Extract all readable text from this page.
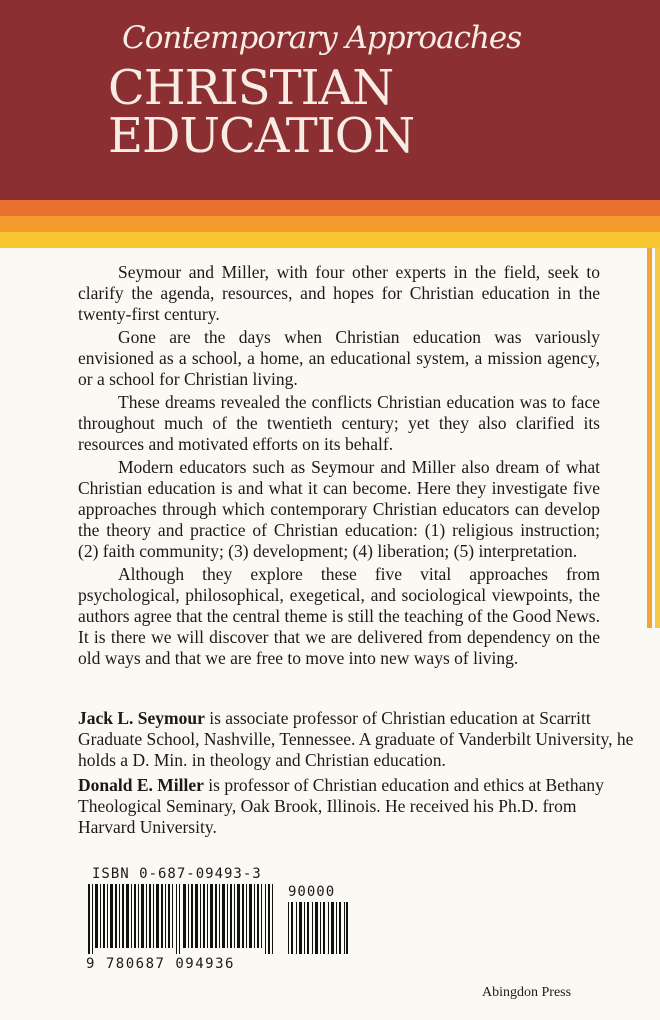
Contemporary Approaches
CHRISTIAN
EDUCATION

Seymour and Miller, with four other experts in the field, seek to clarify the agenda, resources, and hopes for Christian education in the twenty-first century.

Gone are the days when Christian education was variously envisioned as a school, a home, an educational system, a mission agency, or a school for Christian living.

These dreams revealed the conflicts Christian education was to face throughout much of the twentieth century; yet they also clarified its resources and motivated efforts on its behalf.

Modern educators such as Seymour and Miller also dream of what Christian education is and what it can become. Here they investigate five approaches through which contemporary Christian educators can develop the theory and practice of Christian education: (1) religious instruction; (2) faith community; (3) development; (4) liberation; (5) interpretation.

Although they explore these five vital approaches from psychological, philosophical, exegetical, and sociological viewpoints, the authors agree that the central theme is still the teaching of the Good News. It is there we will discover that we are delivered from dependency on the old ways and that we are free to move into new ways of living.

Jack L. Seymour is associate professor of Christian education at Scarritt Graduate School, Nashville, Tennessee. A graduate of Vanderbilt University, he holds a D. Min. in theology and Christian education.

Donald E. Miller is professor of Christian education and ethics at Bethany Theological Seminary, Oak Brook, Illinois. He received his Ph.D. from Harvard University.

ISBN 0-687-09493-3
90000
9 780687 094936
Abingdon Press
